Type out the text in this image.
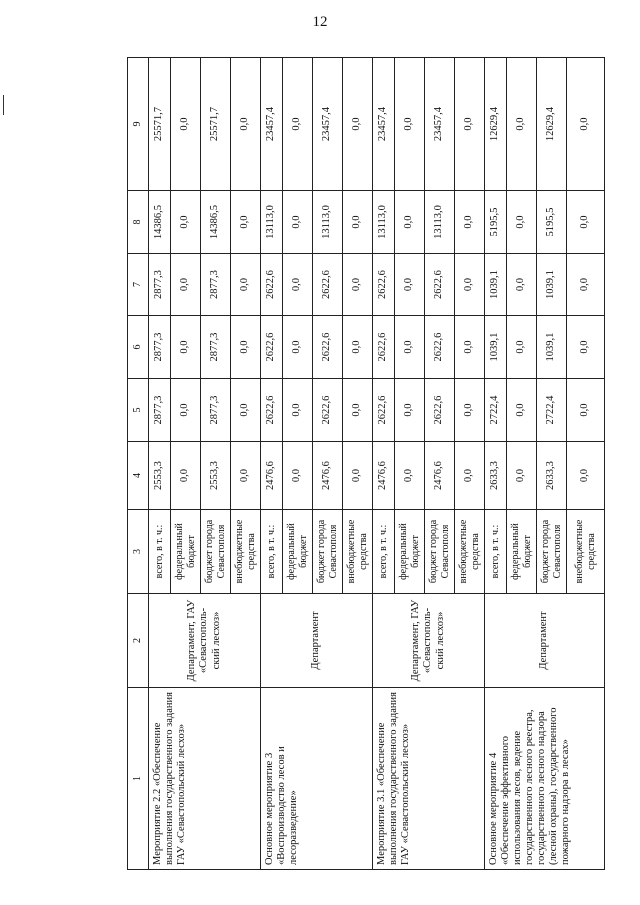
12
1	2	3	4	5	6	7	8	9
Мероприятие 2.2 «Обеспечение выполнения государственного задания ГАУ «Севастопольский лесхоз»	Департамент, ГАУ «Севастополь-ский лесхоз»	всего, в т. ч.:	2553,3	2877,3	2877,3	2877,3	14386,5	25571,7
		федеральный бюджет	0,0	0,0	0,0	0,0	0,0	0,0
		бюджет города Севастополя	2553,3	2877,3	2877,3	2877,3	14386,5	25571,7
		внебюджетные средства	0,0	0,0	0,0	0,0	0,0	0,0
Основное мероприятие 3 «Воспроизводство лесов и лесоразведение»	Департамент	всего, в т. ч.:	2476,6	2622,6	2622,6	2622,6	13113,0	23457,4
		федеральный бюджет	0,0	0,0	0,0	0,0	0,0	0,0
		бюджет города Севастополя	2476,6	2622,6	2622,6	2622,6	13113,0	23457,4
		внебюджетные средства	0,0	0,0	0,0	0,0	0,0	0,0
Мероприятие 3.1 «Обеспечение выполнения государственного задания ГАУ «Севастопольский лесхоз»	Департамент, ГАУ «Севастополь-ский лесхоз»	всего, в т. ч.:	2476,6	2622,6	2622,6	2622,6	13113,0	23457,4
		федеральный бюджет	0,0	0,0	0,0	0,0	0,0	0,0
		бюджет города Севастополя	2476,6	2622,6	2622,6	2622,6	13113,0	23457,4
		внебюджетные средства	0,0	0,0	0,0	0,0	0,0	0,0
Основное мероприятие 4 «Обеспечение эффективного использования лесов, ведение государственного лесного реестра, государственного лесного надзора (лесной охраны), государственного пожарного надзора в лесах»	Департамент	всего, в т. ч.:	2633,3	2722,4	1039,1	1039,1	5195,5	12629,4
		федеральный бюджет	0,0	0,0	0,0	0,0	0,0	0,0
		бюджет города Севастополя	2633,3	2722,4	1039,1	1039,1	5195,5	12629,4
		внебюджетные средства	0,0	0,0	0,0	0,0	0,0	0,0
